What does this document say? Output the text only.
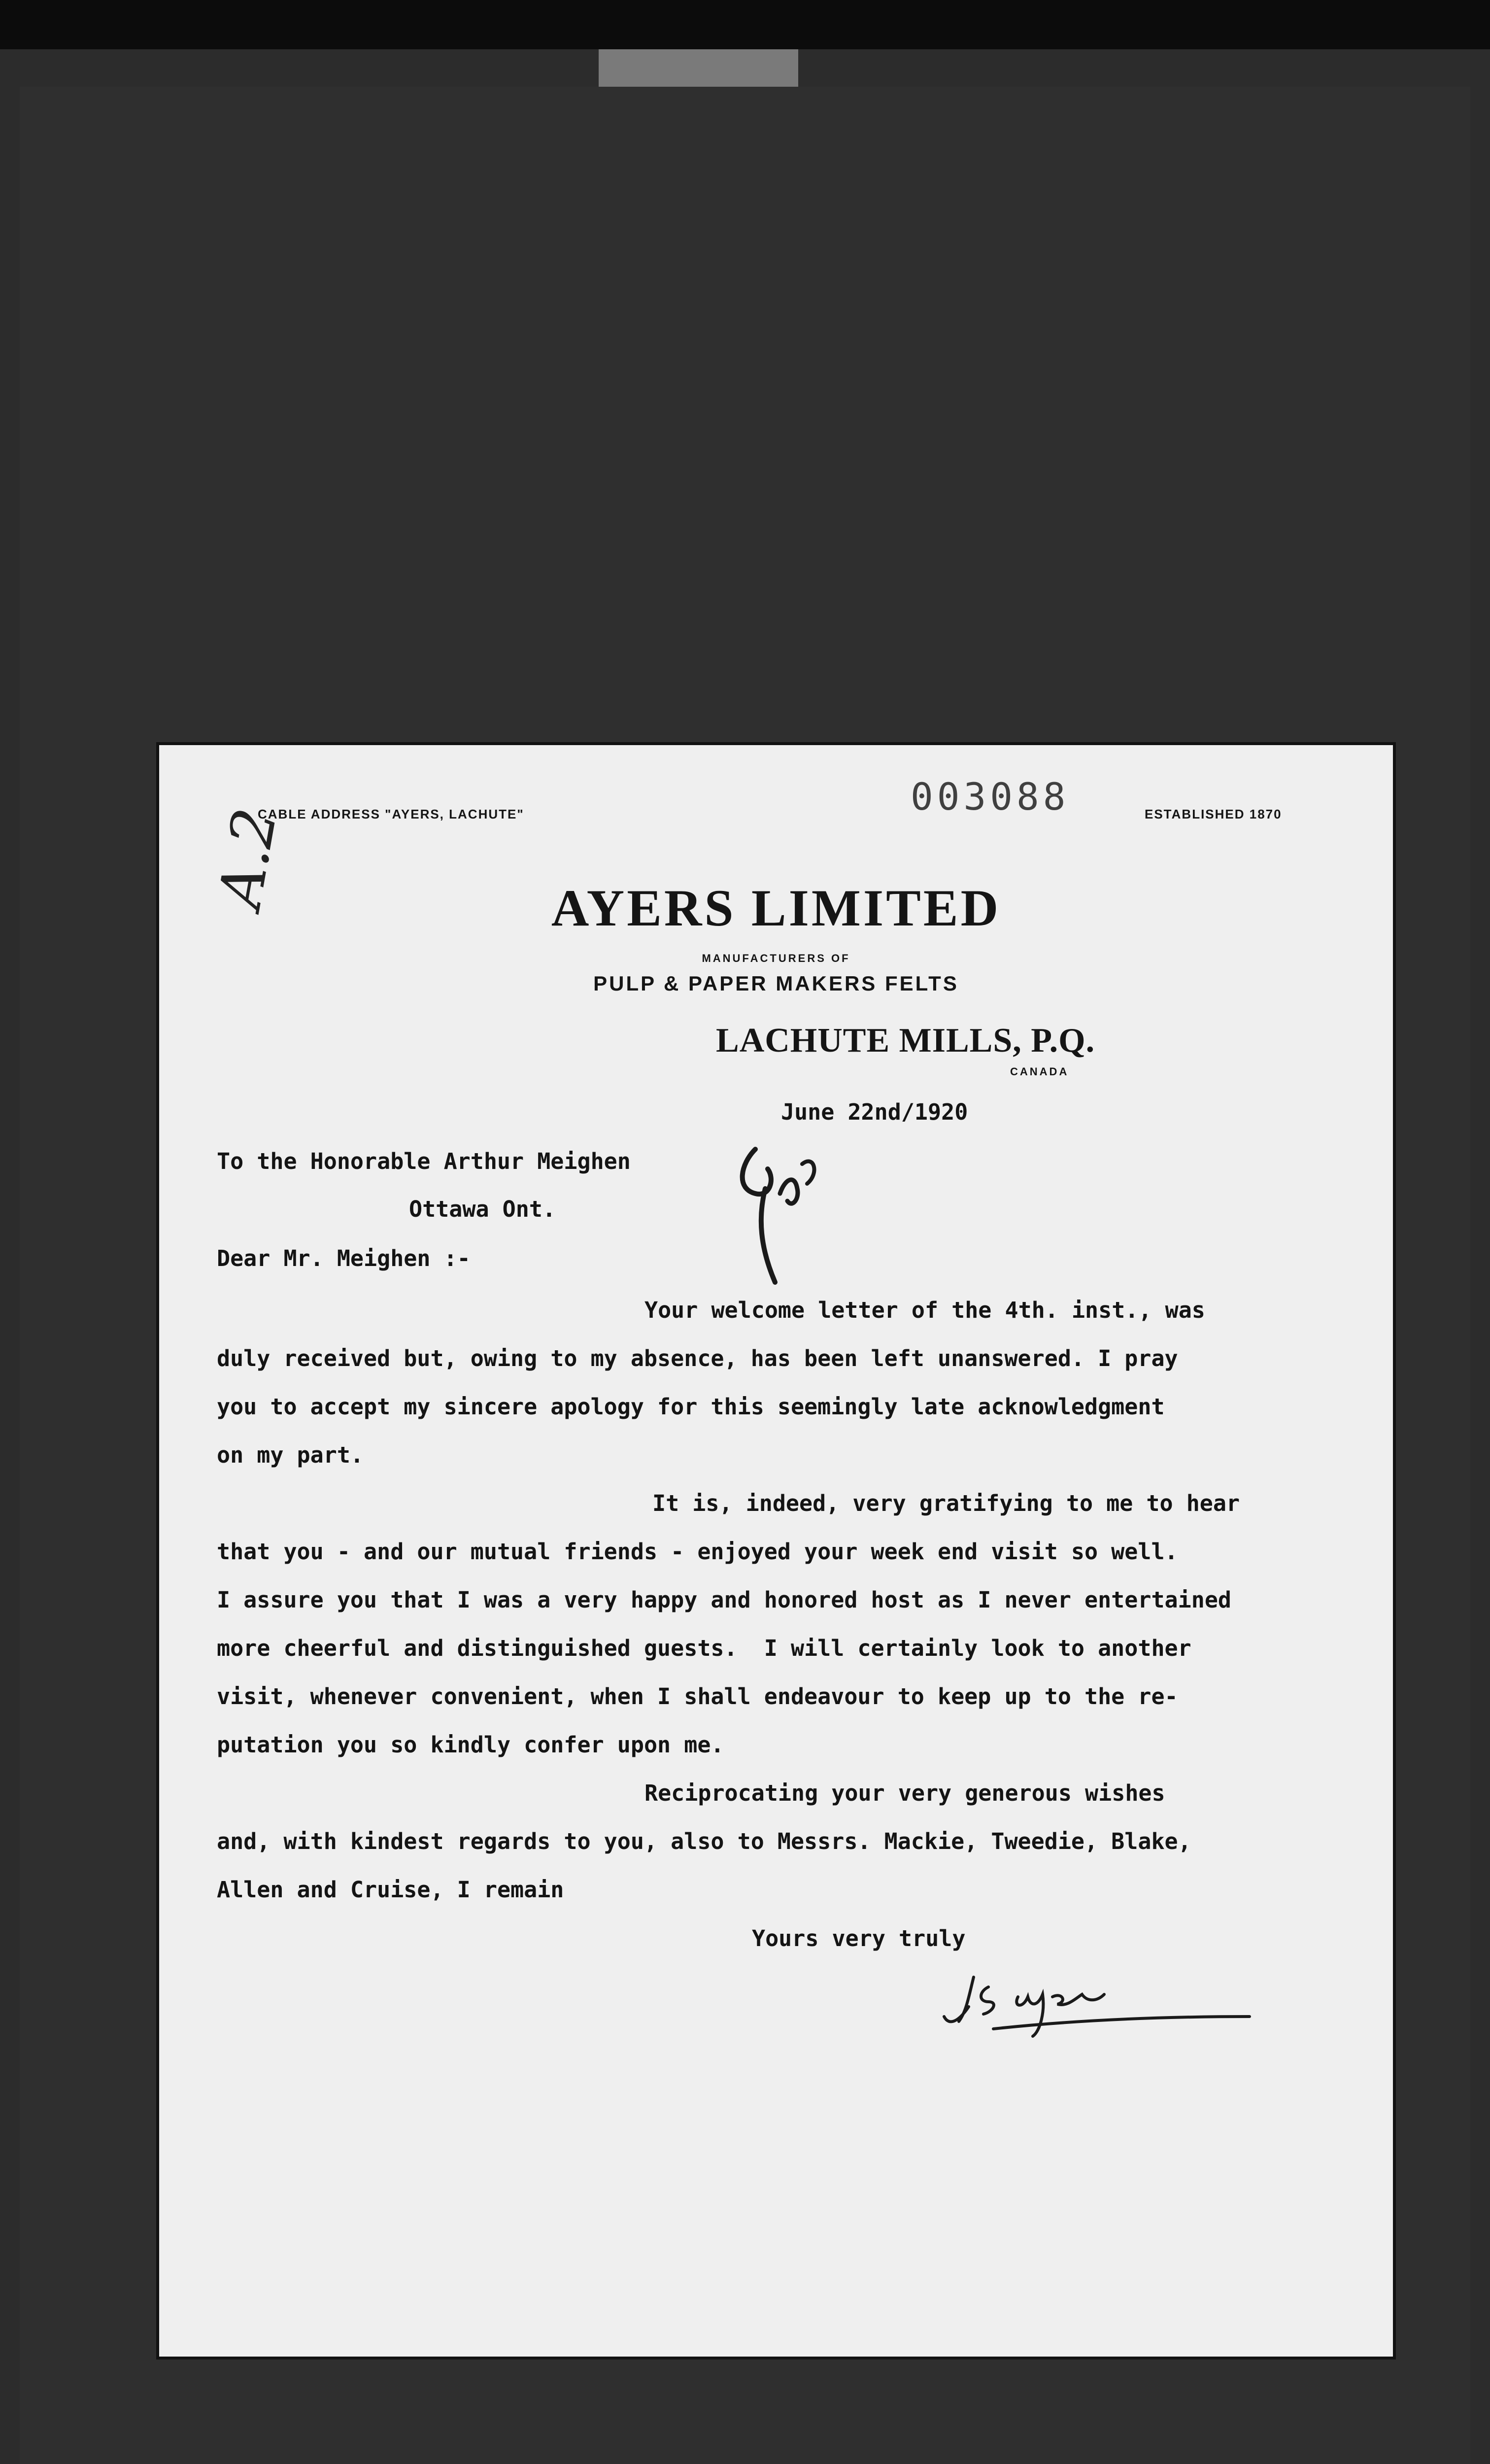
CABLE ADDRESS "AYERS, LACHUTE"	ESTABLISHED 1870
003088
A.2	AYERS LIMITED
MANUFACTURERS OF
PULP & PAPER MAKERS FELTS
LACHUTE MILLS, P.Q.
CANADA
June 22nd/1920
To the Honorable Arthur Meighen
Ottawa Ont.
Dear Mr. Meighen :-
Your welcome letter of the 4th. inst., was
duly received but, owing to my absence, has been left unanswered. I pray
you to accept my sincere apology for this seemingly late acknowledgment
on my part.
It is, indeed, very gratifying to me to hear
that you - and our mutual friends - enjoyed your week end visit so well.
I assure you that I was a very happy and honored host as I never entertained
more cheerful and distinguished guests.  I will certainly look to another
visit, whenever convenient, when I shall endeavour to keep up to the re-
putation you so kindly confer upon me.
Reciprocating your very generous wishes
and, with kindest regards to you, also to Messrs. Mackie, Tweedie, Blake,
Allen and Cruise, I remain
Yours very truly
